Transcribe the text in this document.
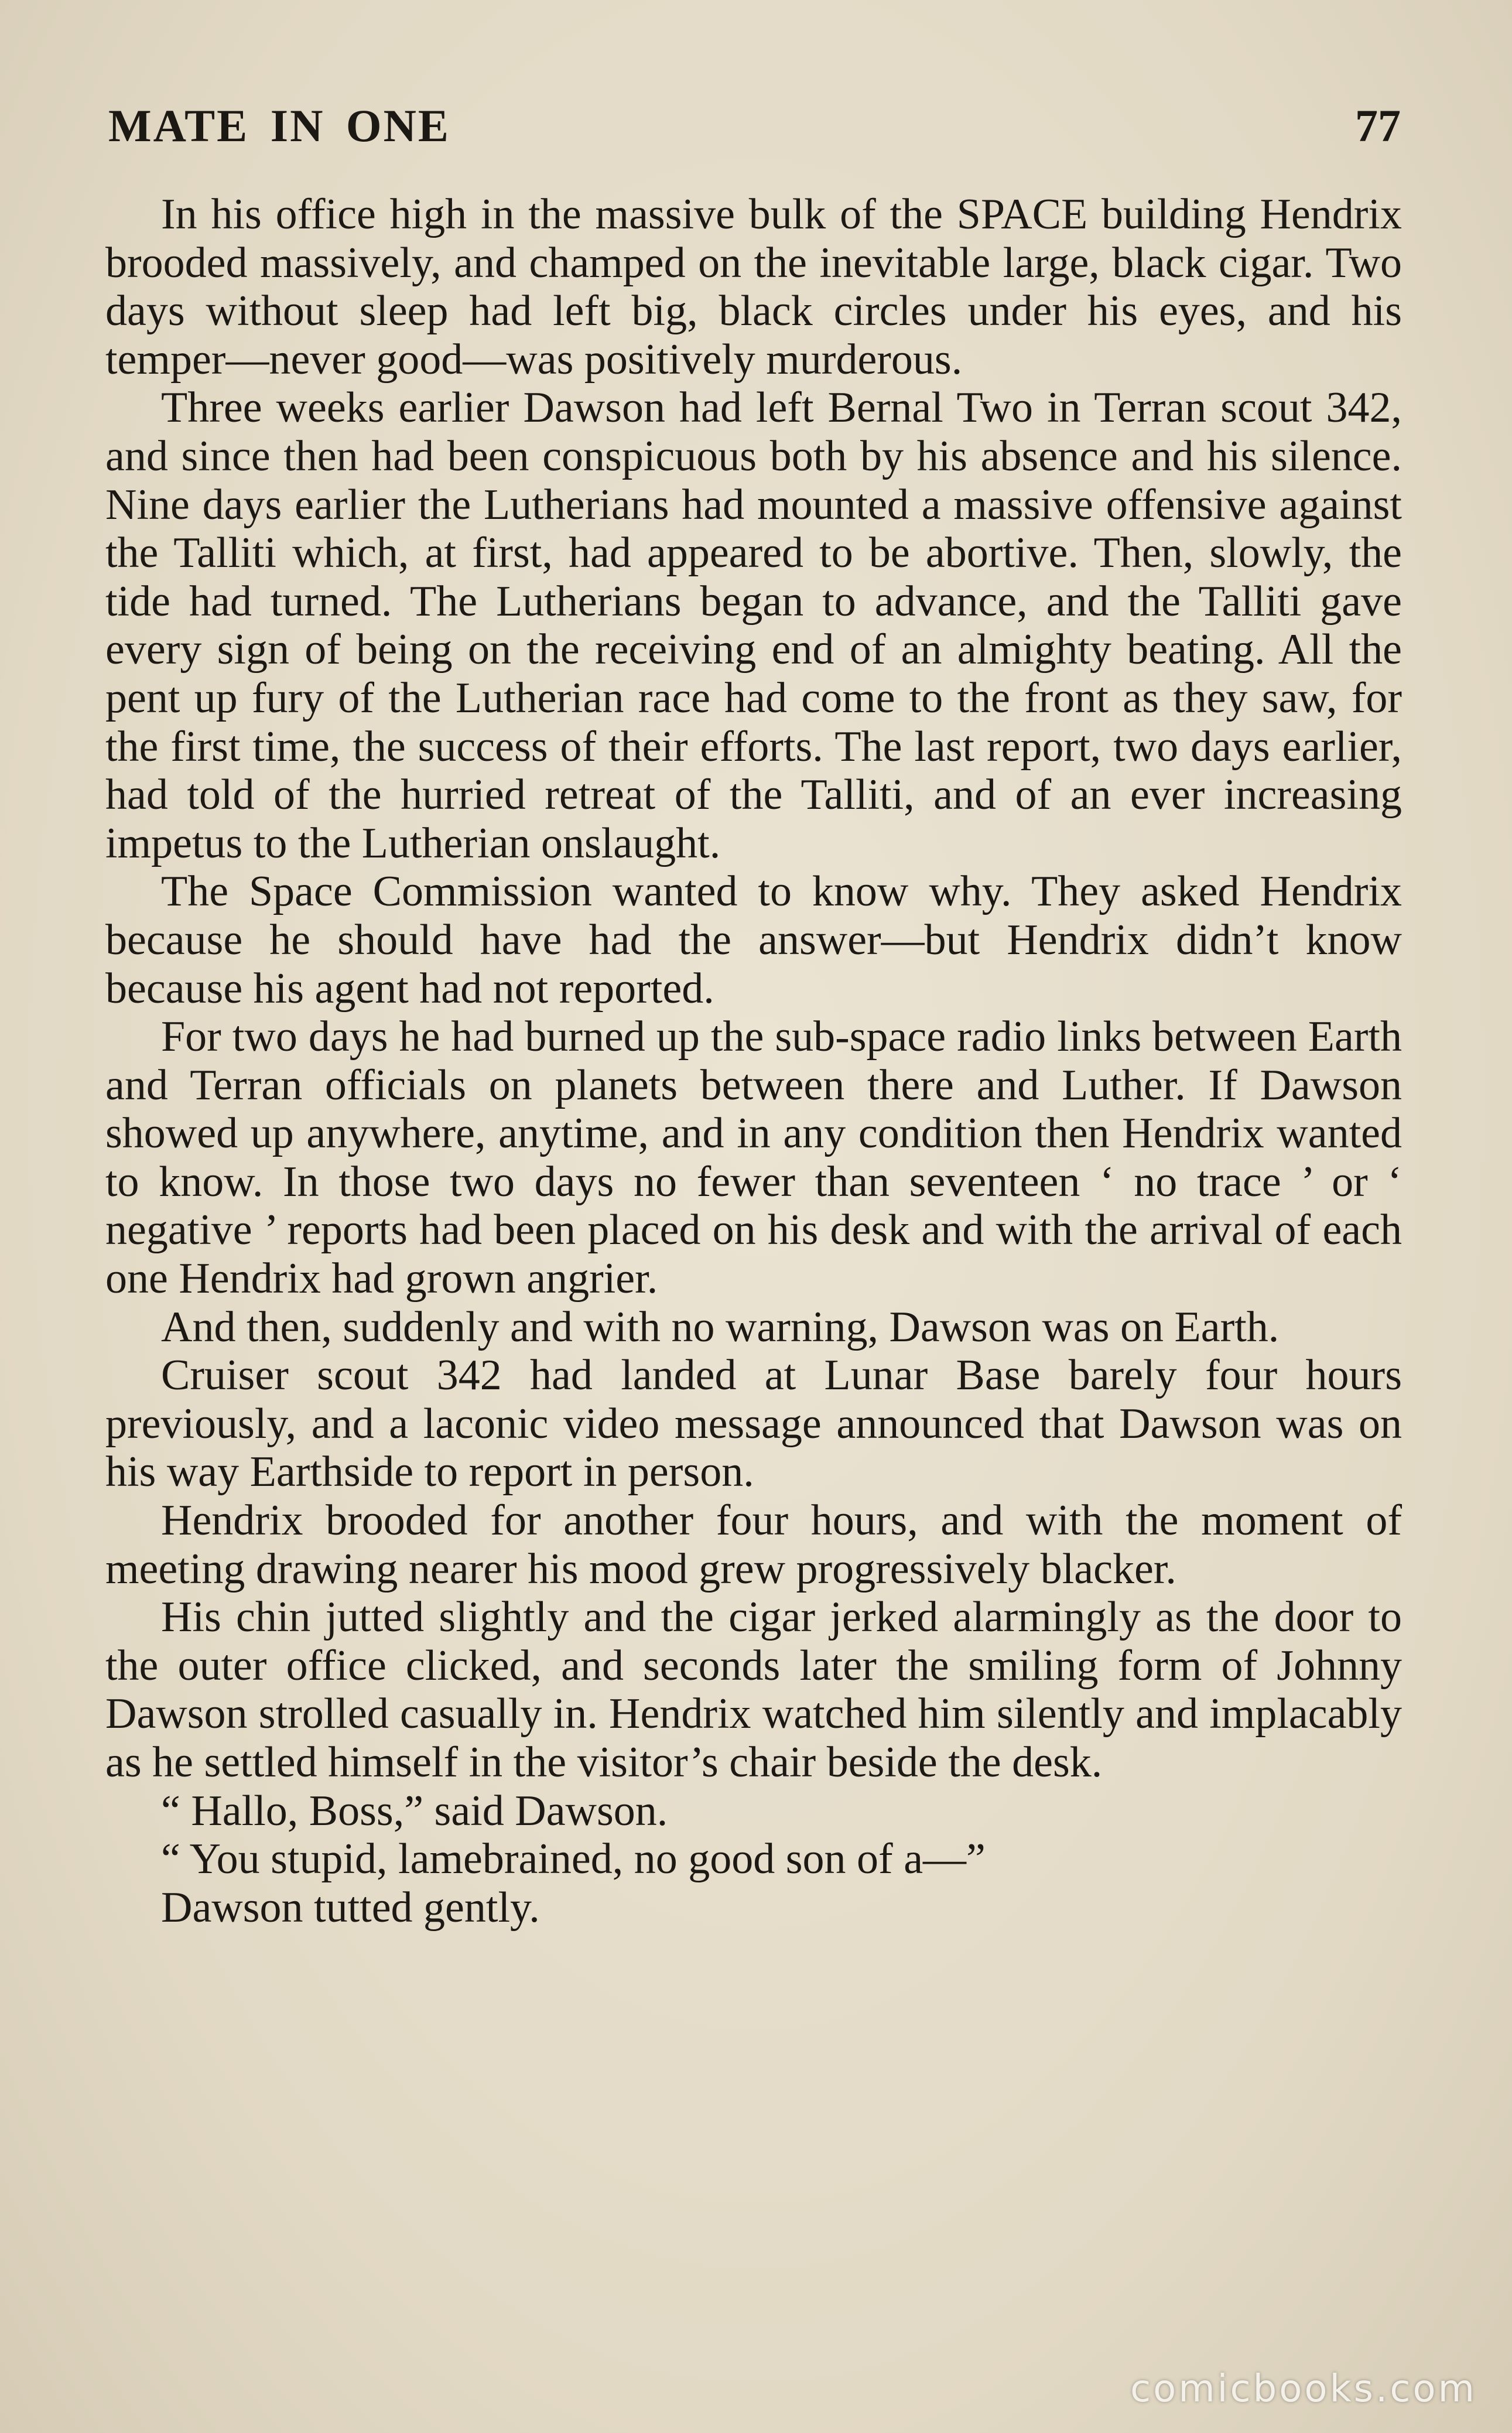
MATE IN ONE	77

In his office high in the massive bulk of the SPACE building Hendrix brooded massively, and champed on the inevitable large, black cigar. Two days without sleep had left big, black circles under his eyes, and his temper—never good—was positively murderous.

Three weeks earlier Dawson had left Bernal Two in Terran scout 342, and since then had been conspicuous both by his absence and his silence. Nine days earlier the Lutherians had mounted a massive offensive against the Talliti which, at first, had appeared to be abortive. Then, slowly, the tide had turned. The Lutherians began to advance, and the Talliti gave every sign of being on the receiving end of an almighty beating. All the pent up fury of the Lutherian race had come to the front as they saw, for the first time, the success of their efforts. The last report, two days earlier, had told of the hurried retreat of the Talliti, and of an ever increasing impetus to the Lutherian onslaught.

The Space Commission wanted to know why. They asked Hendrix because he should have had the answer—but Hendrix didn’t know because his agent had not reported.

For two days he had burned up the sub-space radio links between Earth and Terran officials on planets between there and Luther. If Dawson showed up anywhere, anytime, and in any condition then Hendrix wanted to know. In those two days no fewer than seventeen ‘ no trace ’ or ‘ negative ’ reports had been placed on his desk and with the arrival of each one Hendrix had grown angrier.

And then, suddenly and with no warning, Dawson was on Earth.

Cruiser scout 342 had landed at Lunar Base barely four hours previously, and a laconic video message announced that Dawson was on his way Earthside to report in person.

Hendrix brooded for another four hours, and with the moment of meeting drawing nearer his mood grew progressively blacker.

His chin jutted slightly and the cigar jerked alarmingly as the door to the outer office clicked, and seconds later the smiling form of Johnny Dawson strolled casually in. Hendrix watched him silently and implacably as he settled himself in the visitor’s chair beside the desk.

“ Hallo, Boss,” said Dawson.

“ You stupid, lamebrained, no good son of a—”

Dawson tutted gently.

comicbooks.com
